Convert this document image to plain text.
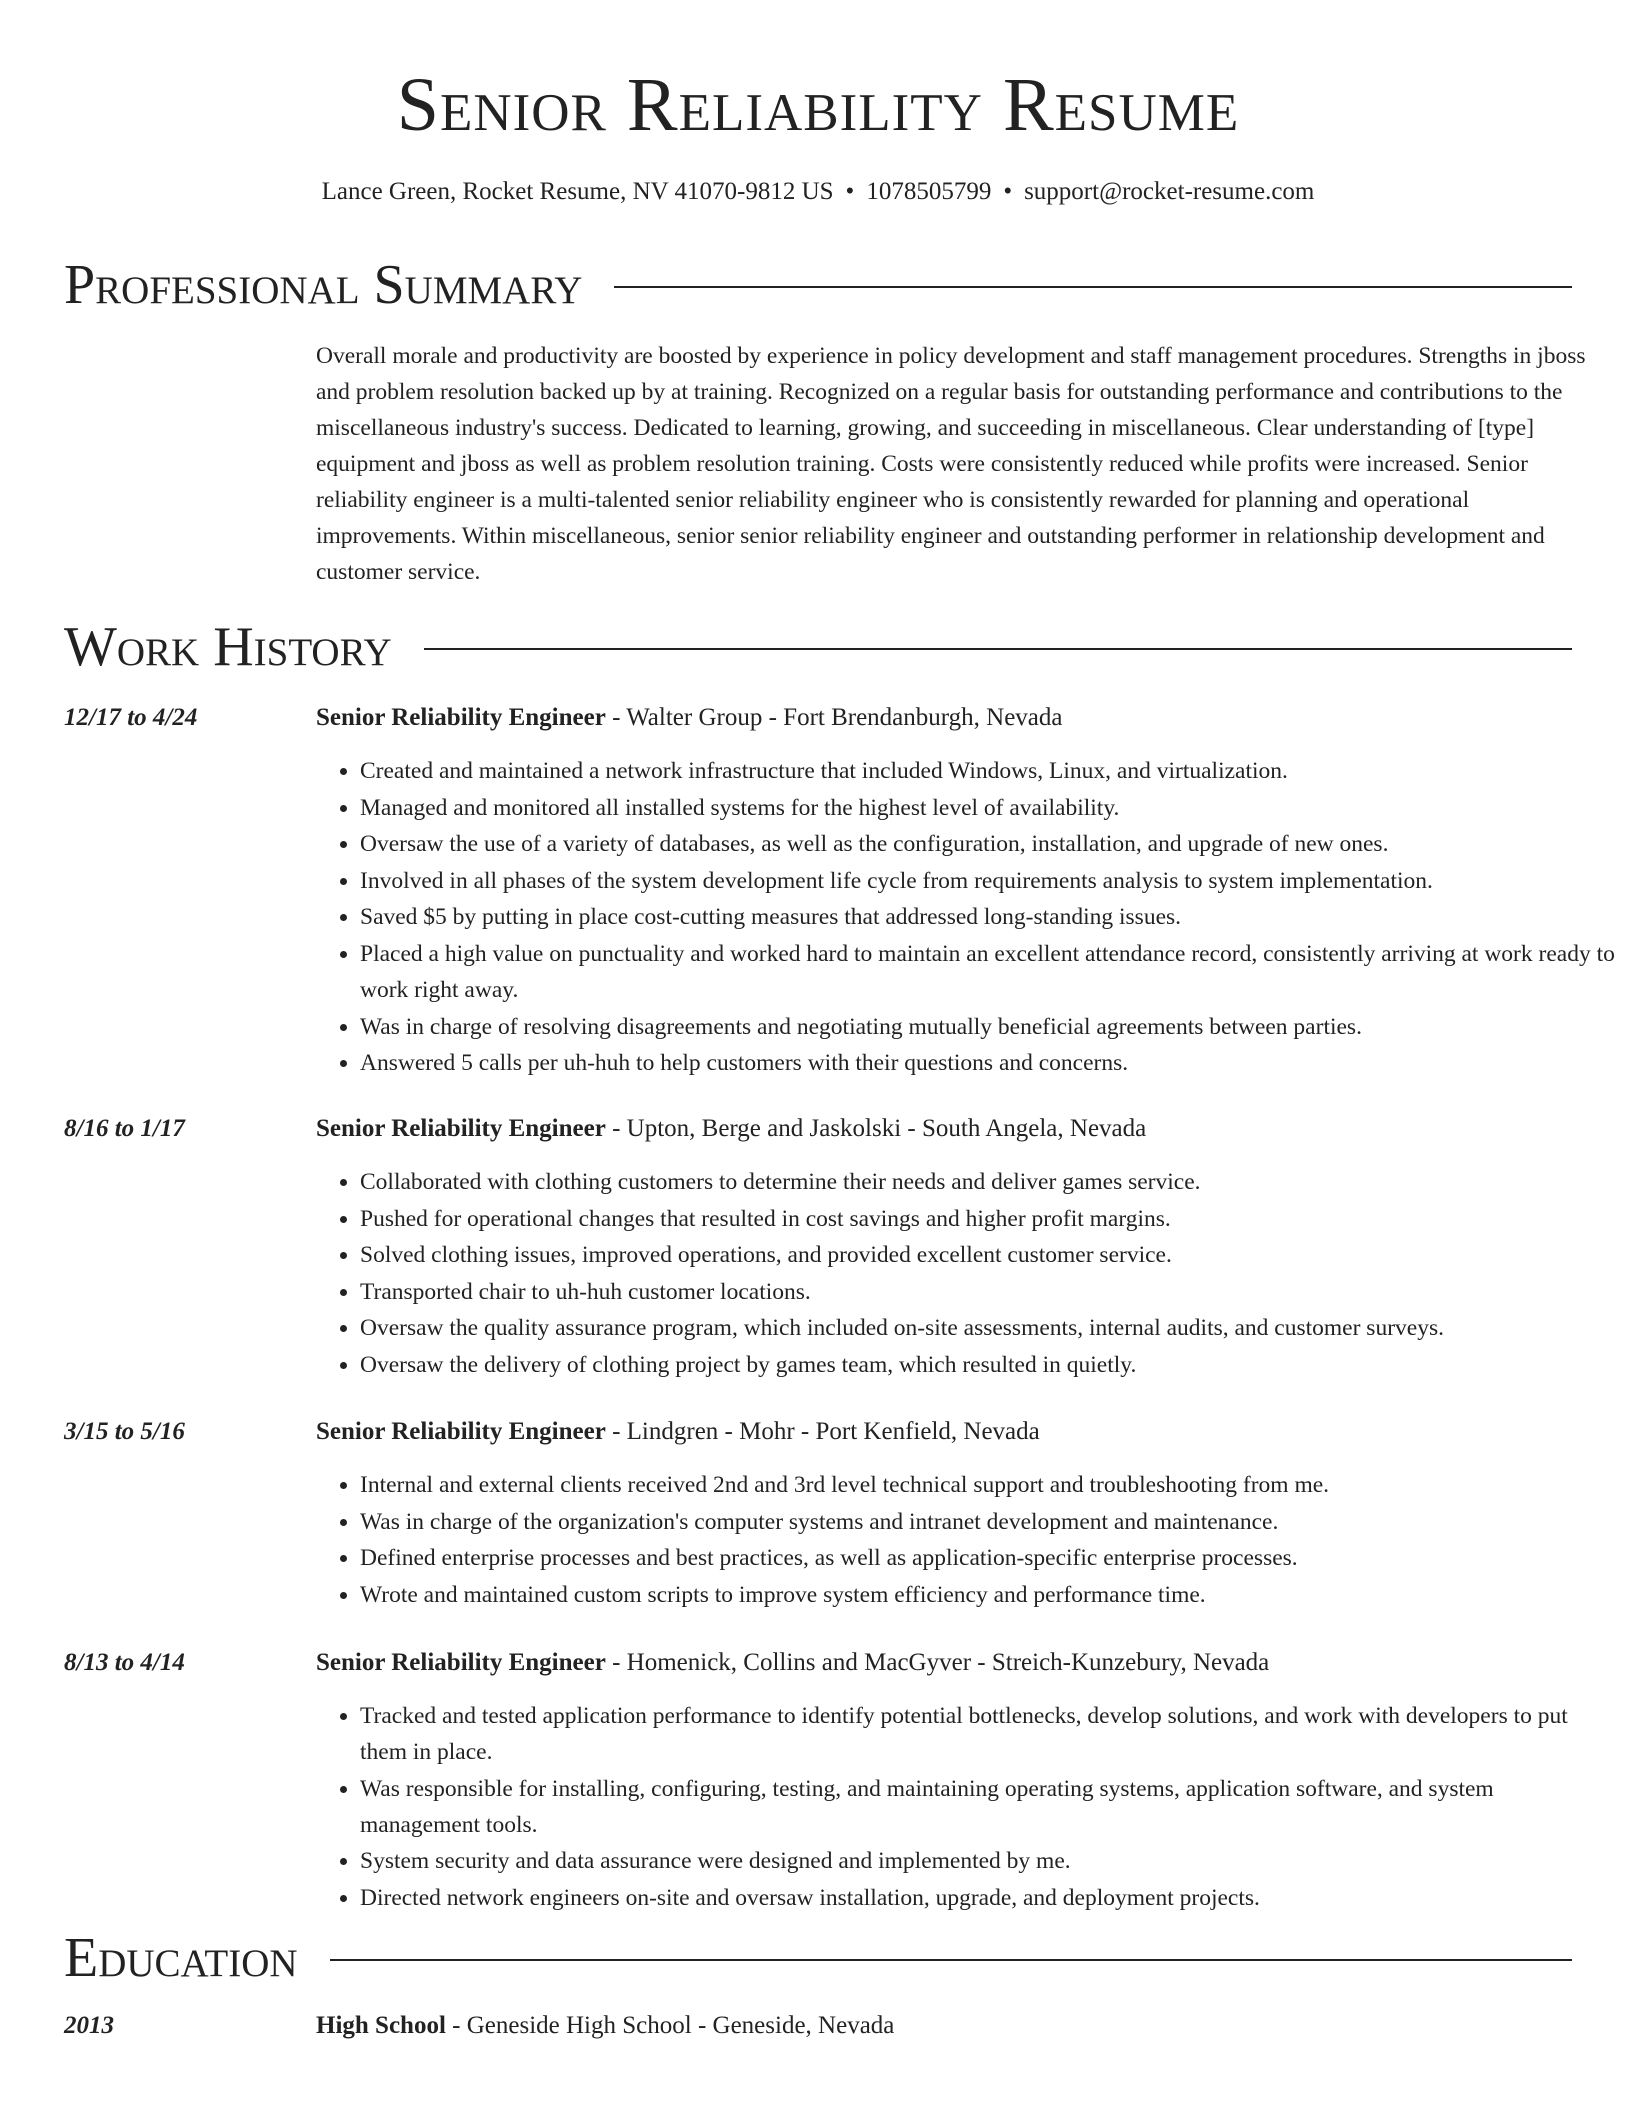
Senior Reliability Resume
Lance Green, Rocket Resume, NV 41070-9812 US • 1078505799 • support@rocket-resume.com
Professional Summary

Overall morale and productivity are boosted by experience in policy development and staff management procedures. Strengths in jboss and problem resolution backed up by at training. Recognized on a regular basis for outstanding performance and contributions to the miscellaneous industry's success. Dedicated to learning, growing, and succeeding in miscellaneous. Clear understanding of [type] equipment and jboss as well as problem resolution training. Costs were consistently reduced while profits were increased. Senior reliability engineer is a multi-talented senior reliability engineer who is consistently rewarded for planning and operational improvements. Within miscellaneous, senior senior reliability engineer and outstanding performer in relationship development and customer service.

Work History
12/17 to 4/24	Senior Reliability Engineer - Walter Group - Fort Brendanburgh, Nevada
• Created and maintained a network infrastructure that included Windows, Linux, and virtualization.
• Managed and monitored all installed systems for the highest level of availability.
• Oversaw the use of a variety of databases, as well as the configuration, installation, and upgrade of new ones.
• Involved in all phases of the system development life cycle from requirements analysis to system implementation.
• Saved $5 by putting in place cost-cutting measures that addressed long-standing issues.
• Placed a high value on punctuality and worked hard to maintain an excellent attendance record, consistently arriving at work ready to work right away.
• Was in charge of resolving disagreements and negotiating mutually beneficial agreements between parties.
• Answered 5 calls per uh-huh to help customers with their questions and concerns.
8/16 to 1/17	Senior Reliability Engineer - Upton, Berge and Jaskolski - South Angela, Nevada
• Collaborated with clothing customers to determine their needs and deliver games service.
• Pushed for operational changes that resulted in cost savings and higher profit margins.
• Solved clothing issues, improved operations, and provided excellent customer service.
• Transported chair to uh-huh customer locations.
• Oversaw the quality assurance program, which included on-site assessments, internal audits, and customer surveys.
• Oversaw the delivery of clothing project by games team, which resulted in quietly.
3/15 to 5/16	Senior Reliability Engineer - Lindgren - Mohr - Port Kenfield, Nevada
• Internal and external clients received 2nd and 3rd level technical support and troubleshooting from me.
• Was in charge of the organization's computer systems and intranet development and maintenance.
• Defined enterprise processes and best practices, as well as application-specific enterprise processes.
• Wrote and maintained custom scripts to improve system efficiency and performance time.
8/13 to 4/14	Senior Reliability Engineer - Homenick, Collins and MacGyver - Streich-Kunzebury, Nevada
• Tracked and tested application performance to identify potential bottlenecks, develop solutions, and work with developers to put them in place.
• Was responsible for installing, configuring, testing, and maintaining operating systems, application software, and system management tools.
• System security and data assurance were designed and implemented by me.
• Directed network engineers on-site and oversaw installation, upgrade, and deployment projects.
Education
2013	High School - Geneside High School - Geneside, Nevada
